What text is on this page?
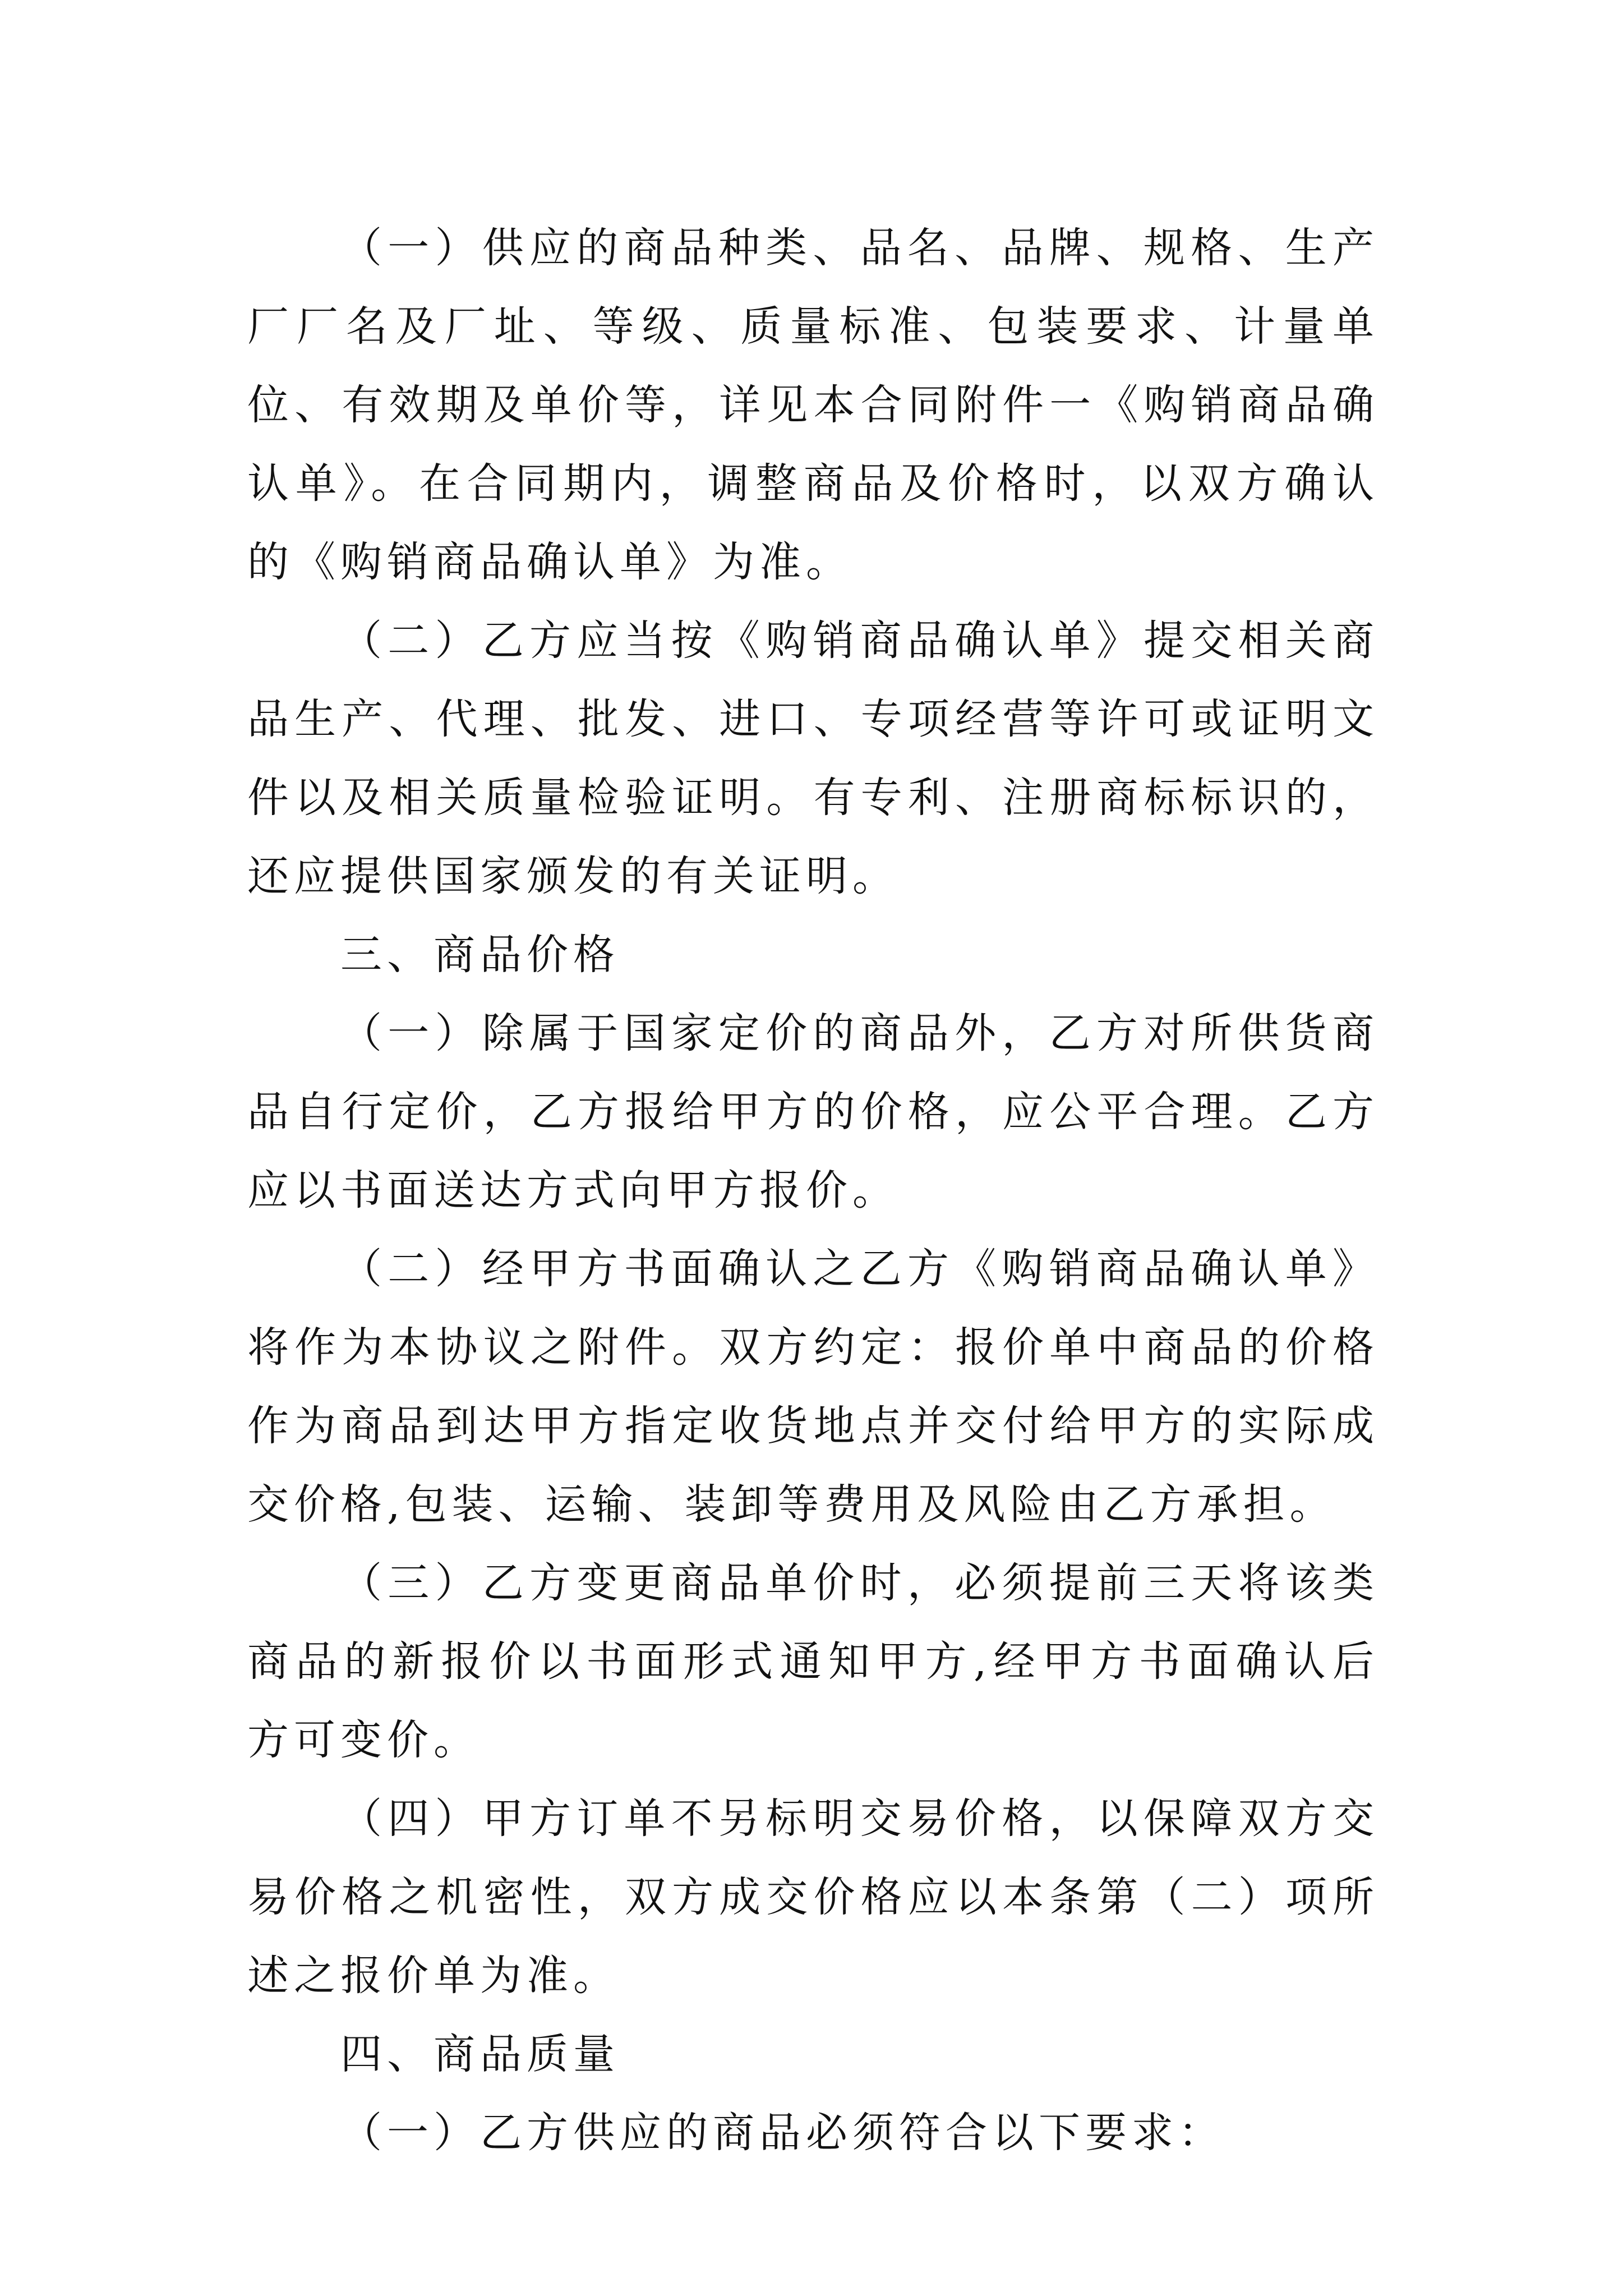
（一）供应的商品种类、品名、品牌、规格、生产厂厂名及厂址、等级、质量标准、包装要求、计量单位、有效期及单价等，详见本合同附件一《购销商品确认单》。在合同期内，调整商品及价格时，以双方确认的《购销商品确认单》为准。

（二）乙方应当按《购销商品确认单》提交相关商品生产、代理、批发、进口、专项经营等许可或证明文件以及相关质量检验证明。有专利、注册商标标识的，还应提供国家颁发的有关证明。

三、商品价格

（一）除属于国家定价的商品外，乙方对所供货商品自行定价，乙方报给甲方的价格，应公平合理。乙方应以书面送达方式向甲方报价。

（二）经甲方书面确认之乙方《购销商品确认单》将作为本协议之附件。双方约定：报价单中商品的价格作为商品到达甲方指定收货地点并交付给甲方的实际成交价格,包装、运输、装卸等费用及风险由乙方承担。

（三）乙方变更商品单价时，必须提前三天将该类商品的新报价以书面形式通知甲方,经甲方书面确认后方可变价。

（四）甲方订单不另标明交易价格，以保障双方交易价格之机密性，双方成交价格应以本条第（二）项所述之报价单为准。

四、商品质量

（一）乙方供应的商品必须符合以下要求：
